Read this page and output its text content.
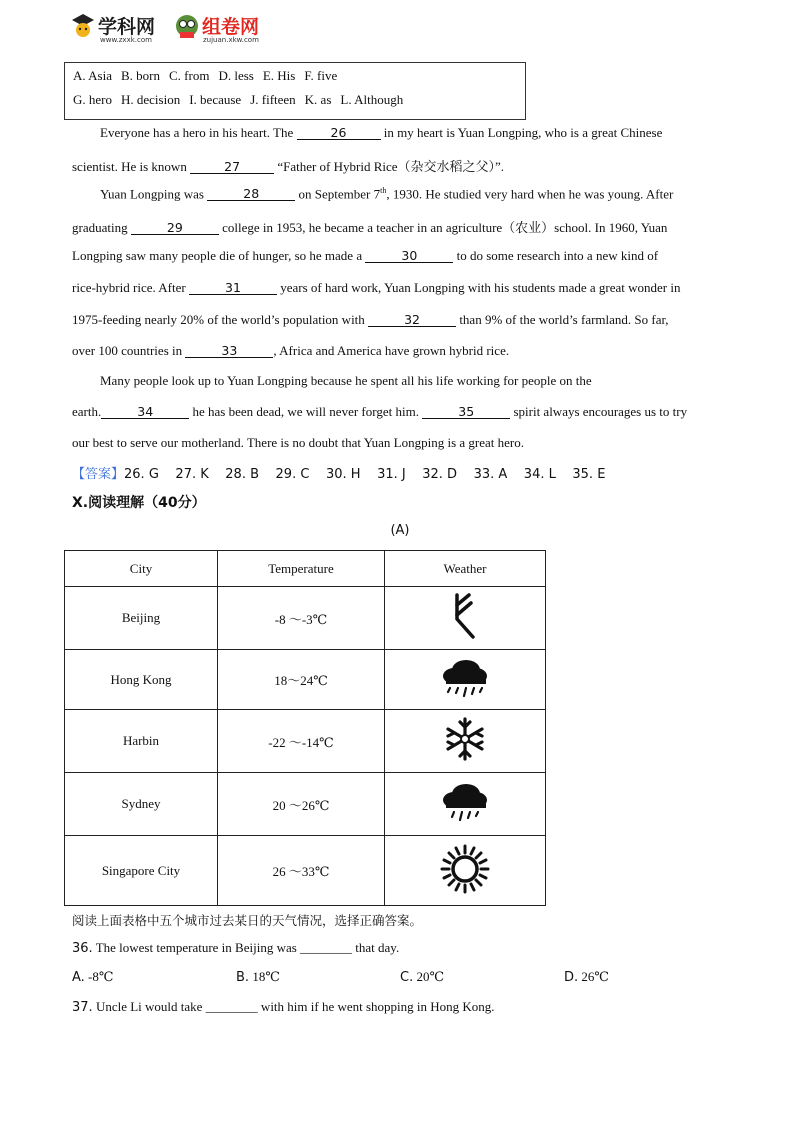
学科网
www.zxxk.com
组卷网
zujuan.xkw.com
A. Asia B. born C. from D. less E. His F. five
G. hero H. decision I. because J. fifteen K. as L. Although
Everyone has a hero in his heart. The	26	in my heart is Yuan Longping, who is a great Chinese
scientist. He is known	27	“Father of Hybrid Rice（杂交水稻之父）”.
Yuan Longping was	28	on September 7th, 1930. He studied very hard when he was young. After
graduating	29	college in 1953, he became a teacher in an agriculture（农业）school. In 1960, Yuan
Longping saw many people die of hunger, so he made a	30	to do some research into a new kind of
rice-hybrid rice. After	31	years of hard work, Yuan Longping with his students made a great wonder in
1975-feeding nearly 20% of the world’s population with	32	than 9% of the world’s farmland. So far,
over 100 countries in	33	, Africa and America have grown hybrid rice.
Many people look up to Yuan Longping because he spent all his life working for people on the
earth.	34	he has been dead, we will never forget him.	35	spirit always encourages us to try
our best to serve our motherland. There is no doubt that Yuan Longping is a great hero.
【答案】26. G    27. K    28. B    29. C    30. H    31. J    32. D    33. A    34. L    35. E
Ⅹ.阅读理解（40分）
(A)
City	Temperature	Weather
Beijing	-8 ～-3℃	
Hong Kong	18～24℃	
Harbin	-22 ～-14℃	
Sydney	20 ～26℃	
Singapore City	26 ～33℃	
阅读上面表格中五个城市过去某日的天气情况，选择正确答案。
36. The lowest temperature in Beijing was ________ that day.
A. -8℃	B. 18℃	C. 20℃	D. 26℃
37. Uncle Li would take ________ with him if he went shopping in Hong Kong.
